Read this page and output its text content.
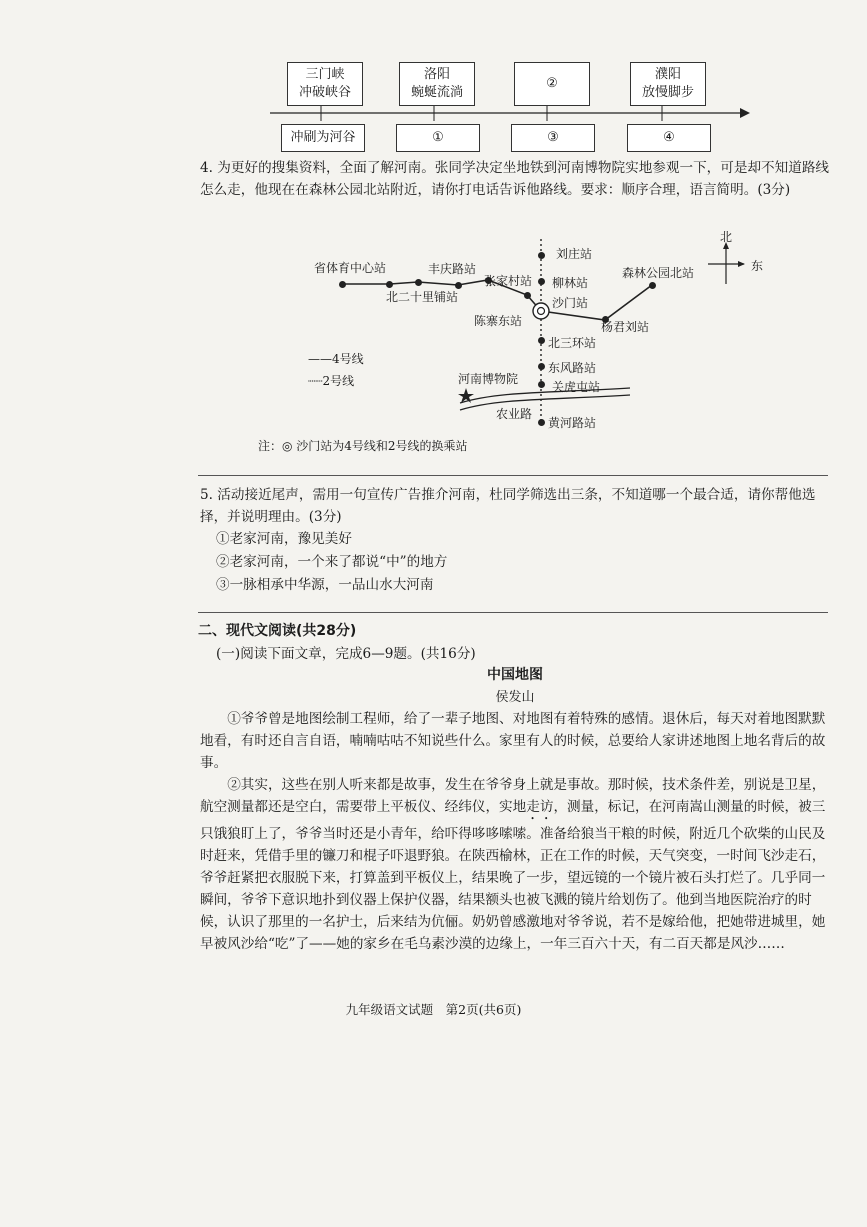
三门峡
冲破峡谷
洛阳
蜿蜒流淌
②
濮阳
放慢脚步
冲刷为河谷	①	③	④
4. 为更好的搜集资料，全面了解河南。张同学决定坐地铁到河南博物院实地参观一下，可是却不知道路线怎么走，他现在在森林公园北站附近，请你打电话告诉他路线。要求：顺序合理，语言简明。(3分)
省体育中心站	丰庆路站
北二十里铺站
张家村站
陈寨东站
刘庄站
柳林站
沙门站
森林公园北站
杨君刘站
北三环站
东风路站
关虎屯站
河南博物院
农业路
黄河路站
北
东
——4号线
┈┈2号线
注：◎ 沙门站为4号线和2号线的换乘站
5. 活动接近尾声，需用一句宣传广告推介河南，杜同学筛选出三条，不知道哪一个最合适，请你帮他选择，并说明理由。(3分)
①老家河南，豫见美好
②老家河南，一个来了都说“中”的地方
③一脉相承中华源，一品山水大河南
二、现代文阅读(共28分)
(一)阅读下面文章，完成6—9题。(共16分)
中国地图
侯发山
①爷爷曾是地图绘制工程师，给了一辈子地图、对地图有着特殊的感情。退休后，每天对着地图默默地看，有时还自言自语，喃喃咕咕不知说些什么。家里有人的时候，总要给人家讲述地图上地名背后的故事。
②其实，这些在别人听来都是故事，发生在爷爷身上就是事故。那时候，技术条件差，别说是卫星，航空测量都还是空白，需要带上平板仪、经纬仪，实地走访，测量，标记，在河南嵩山测量的时候，被三只饿狼盯上了，爷爷当时还是小青年，给吓得哆哆嗦嗦。准备给狼当干粮的时候，附近几个砍柴的山民及时赶来，凭借手里的镰刀和棍子吓退野狼。在陕西榆林，正在工作的时候，天气突变，一时间飞沙走石，爷爷赶紧把衣服脱下来，打算盖到平板仪上，结果晚了一步，望远镜的一个镜片被石头打烂了。几乎同一瞬间，爷爷下意识地扑到仪器上保护仪器，结果额头也被飞溅的镜片给划伤了。他到当地医院治疗的时候，认识了那里的一名护士，后来结为伉俪。奶奶曾感激地对爷爷说，若不是嫁给他，把她带进城里，她早被风沙给“吃”了——她的家乡在毛乌素沙漠的边缘上，一年三百六十天，有二百天都是风沙……
九年级语文试题　第2页(共6页)
